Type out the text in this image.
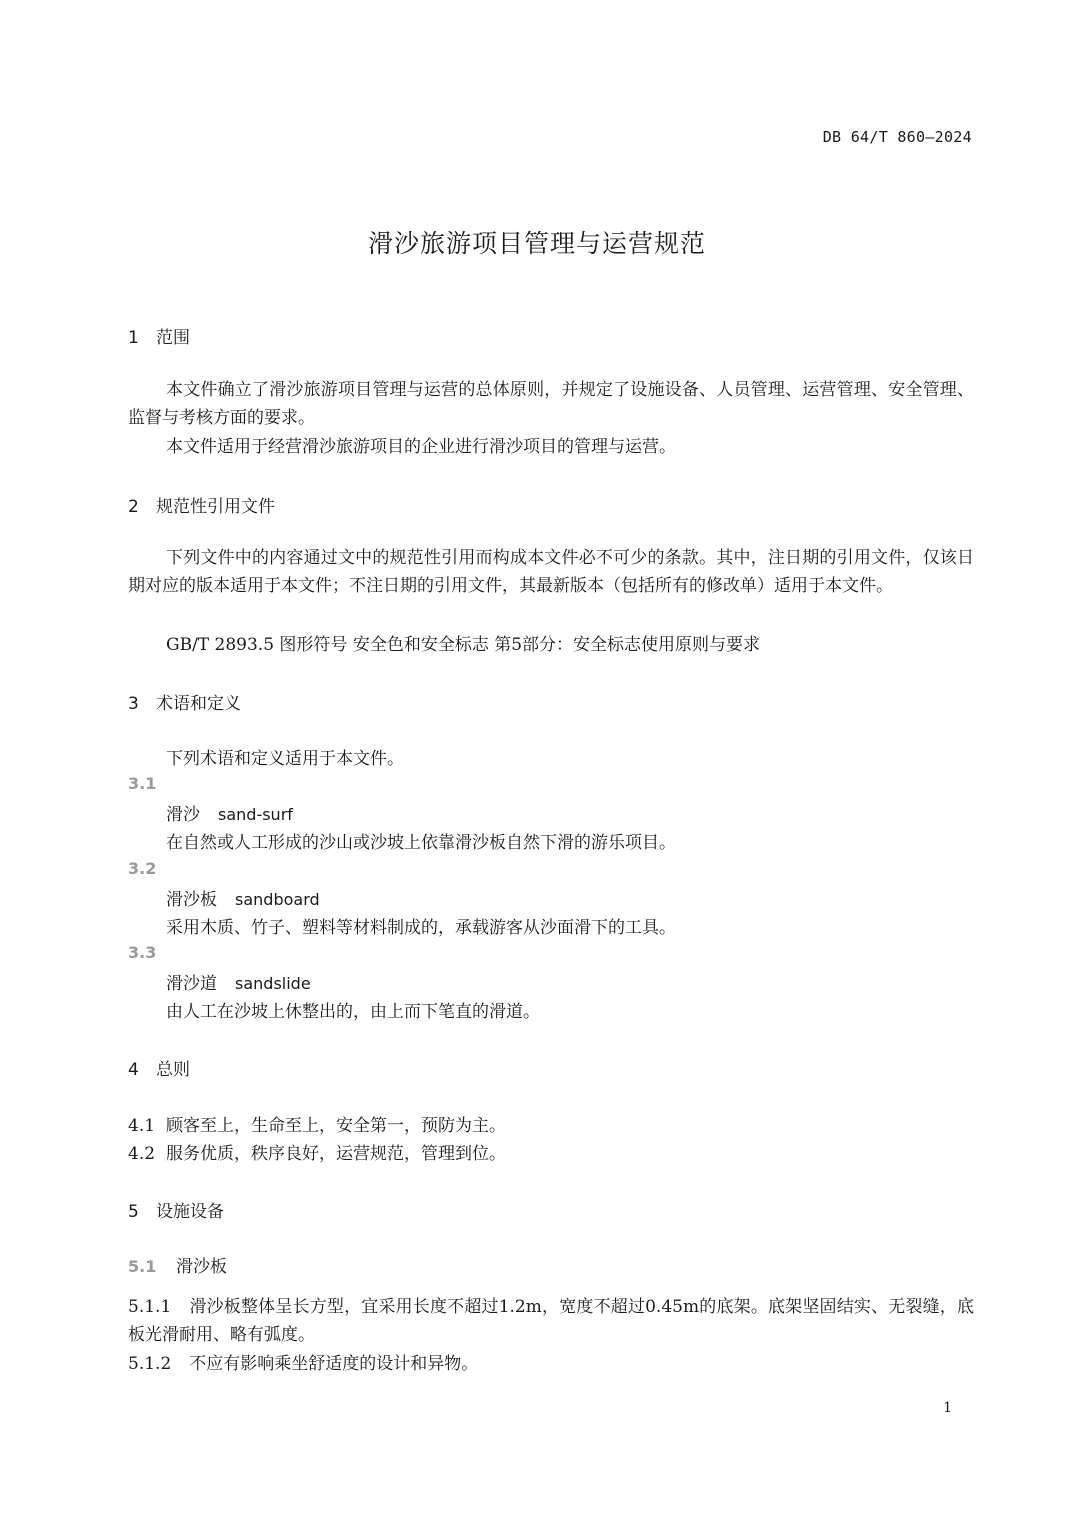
DB 64/T 860—2024
滑沙旅游项目管理与运营规范
1 范围
本文件确立了滑沙旅游项目管理与运营的总体原则，并规定了设施设备、人员管理、运营管理、安全管理、监督与考核方面的要求。
本文件适用于经营滑沙旅游项目的企业进行滑沙项目的管理与运营。
2 规范性引用文件
下列文件中的内容通过文中的规范性引用而构成本文件必不可少的条款。其中，注日期的引用文件，仅该日期对应的版本适用于本文件；不注日期的引用文件，其最新版本（包括所有的修改单）适用于本文件。
GB/T 2893.5 图形符号 安全色和安全标志 第5部分：安全标志使用原则与要求
3 术语和定义
下列术语和定义适用于本文件。
3.1
滑沙 sand-surf
在自然或人工形成的沙山或沙坡上依靠滑沙板自然下滑的游乐项目。
3.2
滑沙板 sandboard
采用木质、竹子、塑料等材料制成的，承载游客从沙面滑下的工具。
3.3
滑沙道 sandslide
由人工在沙坡上休整出的，由上而下笔直的滑道。
4 总则
4.1 顾客至上，生命至上，安全第一，预防为主。
4.2 服务优质，秩序良好，运营规范，管理到位。
5 设施设备
5.1 滑沙板
5.1.1 滑沙板整体呈长方型，宜采用长度不超过1.2m，宽度不超过0.45m的底架。底架坚固结实、无裂缝，底板光滑耐用、略有弧度。
5.1.2 不应有影响乘坐舒适度的设计和异物。
1
